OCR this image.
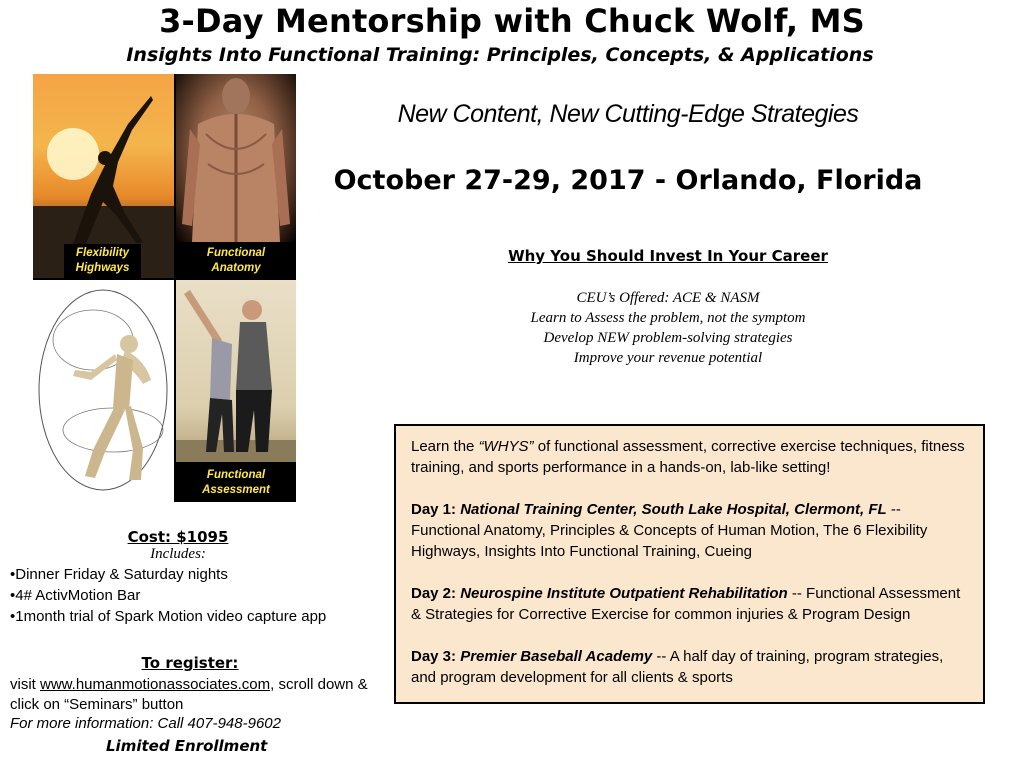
3-Day Mentorship with Chuck Wolf, MS
Insights Into Functional Training: Principles, Concepts, & Applications
Flexibility
Highways
Functional
Anatomy
Functional
Assessment
New Content, New Cutting-Edge Strategies
October 27-29, 2017 - Orlando, Florida
Why You Should Invest In Your Career
CEU’s Offered: ACE & NASM
Learn to Assess the problem, not the symptom
Develop NEW problem-solving strategies
Improve your revenue potential
Cost: $1095
Includes:
•Dinner Friday & Saturday nights
•4# ActivMotion Bar
•1month trial of Spark Motion video capture app
To register:
visit www.humanmotionassociates.com, scroll down & click on “Seminars” button
For more information: Call 407-948-9602
Limited Enrollment

Learn the “WHYS” of functional assessment, corrective exercise techniques, fitness training, and sports performance in a hands-on, lab-like setting!

Day 1: National Training Center, South Lake Hospital, Clermont, FL -- Functional Anatomy, Principles & Concepts of Human Motion, The 6 Flexibility Highways, Insights Into Functional Training, Cueing

Day 2: Neurospine Institute Outpatient Rehabilitation -- Functional Assessment & Strategies for Corrective Exercise for common injuries & Program Design

Day 3: Premier Baseball Academy -- A half day of training, program strategies, and program development for all clients & sports
